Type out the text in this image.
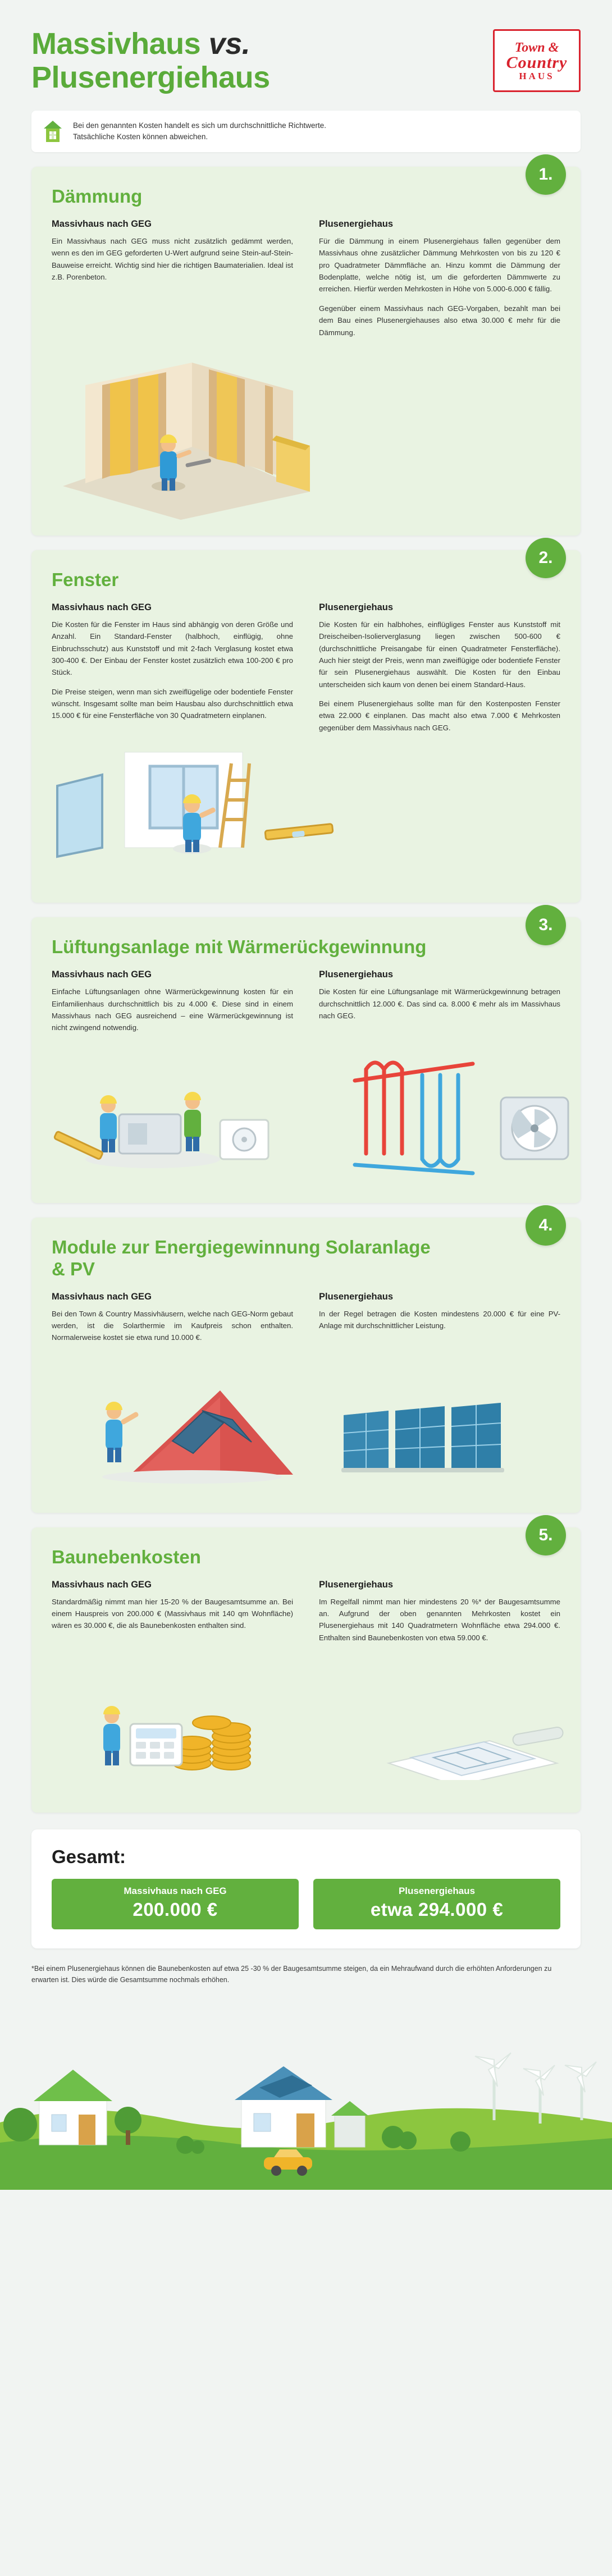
Massivhaus vs.
Plusenergiehaus
Town &
Country
HAUS
Bei den genannten Kosten handelt es sich um durchschnittliche Richtwerte.
Tatsächliche Kosten können abweichen.
1.
Dämmung
Massivhaus nach GEG

Ein Massivhaus nach GEG muss nicht zusätzlich gedämmt werden, wenn es den im GEG geforderten U-Wert aufgrund seine Stein-auf-Stein-Bauweise erreicht. Wichtig sind hier die richtigen Baumaterialien. Ideal ist z.B. Porenbeton.

Plusenergiehaus

Für die Dämmung in einem Plusenergiehaus fallen gegenüber dem Massivhaus ohne zusätzlicher Dämmung Mehrkosten von bis zu 120 € pro Quadratmeter Dämmfläche an. Hinzu kommt die Dämmung der Bodenplatte, welche nötig ist, um die geforderten Dämmwerte zu erreichen. Hierfür werden Mehrkosten in Höhe von 5.000-6.000 € fällig.

Gegenüber einem Massivhaus nach GEG-Vorgaben, bezahlt man bei dem Bau eines Plusenergiehauses also etwa 30.000 € mehr für die Dämmung.

2.
Fenster
Massivhaus nach GEG

Die Kosten für die Fenster im Haus sind abhängig von deren Größe und Anzahl. Ein Standard-Fenster (halbhoch, einflügig, ohne Einbruchsschutz) aus Kunststoff und mit 2-fach Verglasung kostet etwa 300-400 €. Der Einbau der Fenster kostet zusätzlich etwa 100-200 € pro Stück.

Die Preise steigen, wenn man sich zweiflügelige oder bodentiefe Fenster wünscht. Insgesamt sollte man beim Hausbau also durchschnittlich etwa 15.000 € für eine Fensterfläche von 30 Quadratmetern einplanen.

Plusenergiehaus

Die Kosten für ein halbhohes, einflügliges Fenster aus Kunststoff mit Dreischeiben-Isolierverglasung liegen zwischen 500-600 € (durchschnittliche Preisangabe für einen Quadratmeter Fensterfläche). Auch hier steigt der Preis, wenn man zweiflügige oder bodentiefe Fenster für sein Plusenergiehaus auswählt. Die Kosten für den Einbau unterscheiden sich kaum von denen bei einem Standard-Haus.

Bei einem Plusenergiehaus sollte man für den Kostenposten Fenster etwa 22.000 € einplanen. Das macht also etwa 7.000 € Mehrkosten gegenüber dem Massivhaus nach GEG.

3.
Lüftungsanlage mit Wärmerückgewinnung
Massivhaus nach GEG

Einfache Lüftungsanlagen ohne Wärmerückgewinnung kosten für ein Einfamilienhaus durchschnittlich bis zu 4.000 €. Diese sind in einem Massivhaus nach GEG ausreichend – eine Wärmerückgewinnung ist nicht zwingend notwendig.

Plusenergiehaus

Die Kosten für eine Lüftungsanlage mit Wärmerückgewinnung betragen durchschnittlich 12.000 €. Das sind ca. 8.000 € mehr als im Massivhaus nach GEG.

4.
Module zur Energiegewinnung Solaranlage & PV
Massivhaus nach GEG

Bei den Town & Country Massivhäusern, welche nach GEG-Norm gebaut werden, ist die Solarthermie im Kaufpreis schon enthalten. Normalerweise kostet sie etwa rund 10.000 €.

Plusenergiehaus

In der Regel betragen die Kosten mindestens 20.000 € für eine PV-Anlage mit durchschnittlicher Leistung.

5.
Baunebenkosten
Massivhaus nach GEG

Standardmäßig nimmt man hier 15-20 % der Baugesamtsumme an. Bei einem Hauspreis von 200.000 € (Massivhaus mit 140 qm Wohnfläche) wären es 30.000 €, die als Baunebenkosten enthalten sind.

Plusenergiehaus

Im Regelfall nimmt man hier mindestens 20 %* der Baugesamtsumme an. Aufgrund der oben genannten Mehrkosten kostet ein Plusenergiehaus mit 140 Quadratmetern Wohnfläche etwa 294.000 €. Enthalten sind Baunebenkosten von etwa 59.000 €.

Gesamt:
Massivhaus nach GEG
200.000 €
Plusenergiehaus
etwa 294.000 €
*Bei einem Plusenergiehaus können die Baunebenkosten auf etwa 25 -30 % der Baugesamtsumme steigen, da ein Mehraufwand durch die erhöhten Anforderungen zu erwarten ist. Dies würde die Gesamtsumme nochmals erhöhen.
